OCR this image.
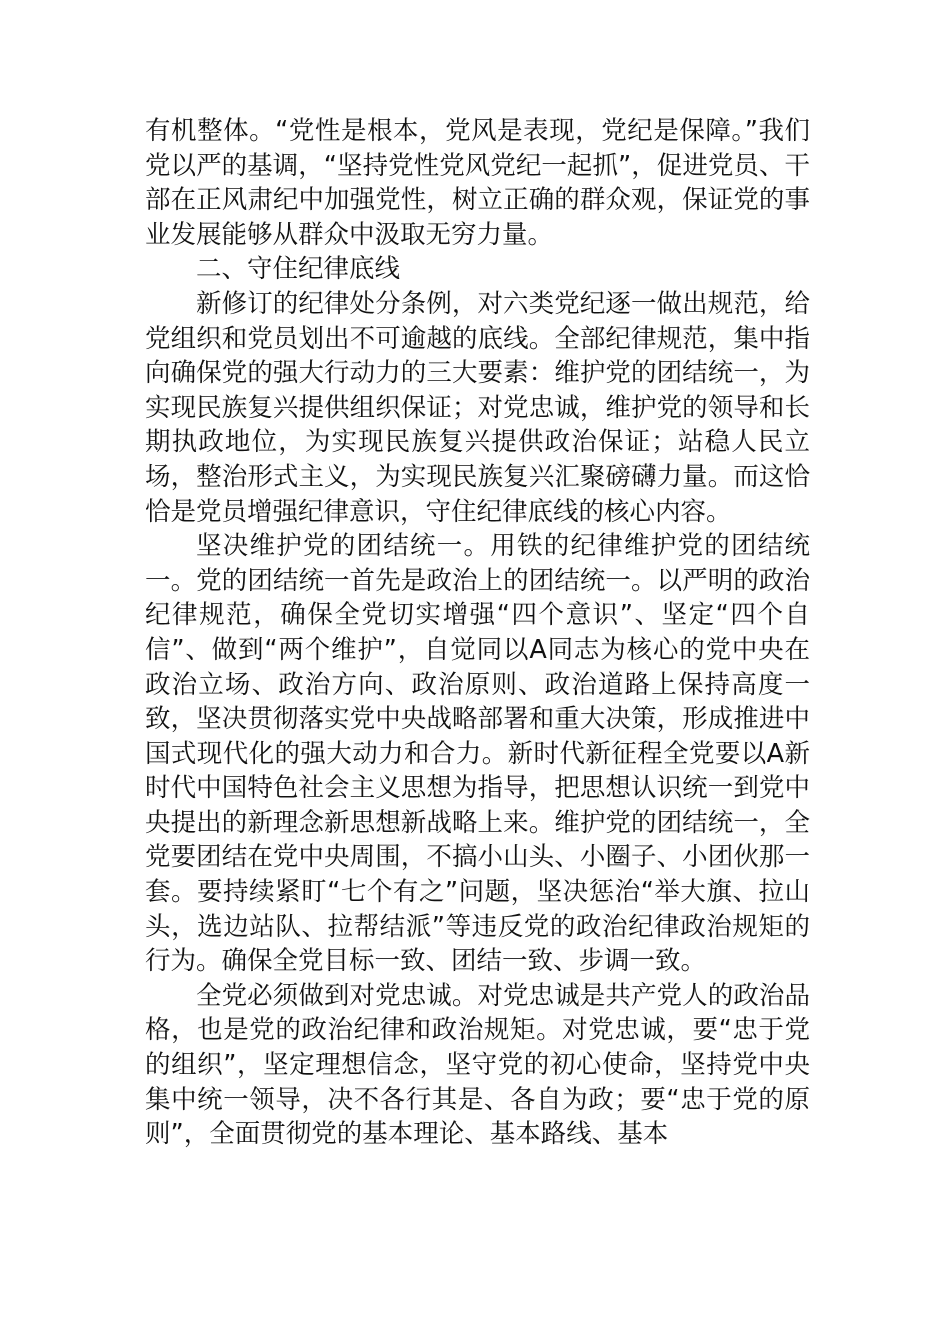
有机整体。“党性是根本，党风是表现，党纪是保障。”我们党以严的基调，“坚持党性党风党纪一起抓”，促进党员、干部在正风肃纪中加强党性，树立正确的群众观，保证党的事业发展能够从群众中汲取无穷力量。

二、守住纪律底线

新修订的纪律处分条例，对六类党纪逐一做出规范，给党组织和党员划出不可逾越的底线。全部纪律规范，集中指向确保党的强大行动力的三大要素：维护党的团结统一，为实现民族复兴提供组织保证；对党忠诚，维护党的领导和长期执政地位，为实现民族复兴提供政治保证；站稳人民立场，整治形式主义，为实现民族复兴汇聚磅礴力量。而这恰恰是党员增强纪律意识，守住纪律底线的核心内容。

坚决维护党的团结统一。用铁的纪律维护党的团结统一。党的团结统一首先是政治上的团结统一。以严明的政治纪律规范，确保全党切实增强“四个意识”、坚定“四个自信”、做到“两个维护”，自觉同以A同志为核心的党中央在政治立场、政治方向、政治原则、政治道路上保持高度一致，坚决贯彻落实党中央战略部署和重大决策，形成推进中国式现代化的强大动力和合力。新时代新征程全党要以A新时代中国特色社会主义思想为指导，把思想认识统一到党中央提出的新理念新思想新战略上来。维护党的团结统一，全党要团结在党中央周围，不搞小山头、小圈子、小团伙那一套。要持续紧盯“七个有之”问题，坚决惩治“举大旗、拉山头，选边站队、拉帮结派”等违反党的政治纪律政治规矩的行为。确保全党目标一致、团结一致、步调一致。

全党必须做到对党忠诚。对党忠诚是共产党人的政治品格，也是党的政治纪律和政治规矩。对党忠诚，要“忠于党的组织”，坚定理想信念，坚守党的初心使命，坚持党中央集中统一领导，决不各行其是、各自为政；要“忠于党的原则”，全面贯彻党的基本理论、基本路线、基本
